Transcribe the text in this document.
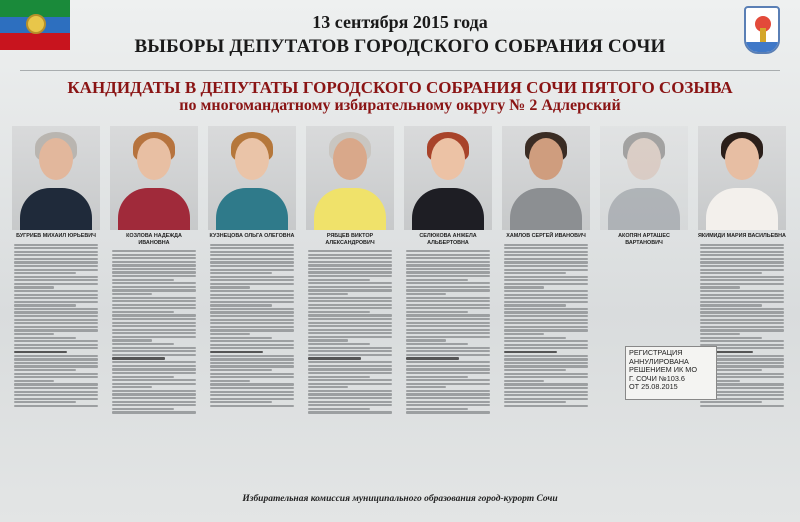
13 сентября 2015 года
ВЫБОРЫ ДЕПУТАТОВ ГОРОДСКОГО СОБРАНИЯ СОЧИ
КАНДИДАТЫ В ДЕПУТАТЫ ГОРОДСКОГО СОБРАНИЯ СОЧИ ПЯТОГО СОЗЫВА
по многомандатному избирательному округу № 2 Адлерский
БУГРИЕВ МИХАИЛ ЮРЬЕВИЧ	КОЗЛОВА НАДЕЖДА ИВАНОВНА
КУЗНЕЦОВА ОЛЬГА ОЛЕГОВНА	РЯБЦЕВ ВИКТОР АЛЕКСАНДРОВИЧ
СЕЛЮКОВА АНЖЕЛА АЛЬБЕРТОВНА
ХАМЛОВ СЕРГЕЙ ИВАНОВИЧ	АКОПЯН АРТАШЕС ВАРТАНОВИЧ
ЯКИМИДИ МАРИЯ ВАСИЛЬЕВНА
РЕГИСТРАЦИЯ
АННУЛИРОВАНА
РЕШЕНИЕМ ИК МО
Г. СОЧИ №103.6
ОТ 25.08.2015
Избирательная комиссия муниципального образования город-курорт Сочи
